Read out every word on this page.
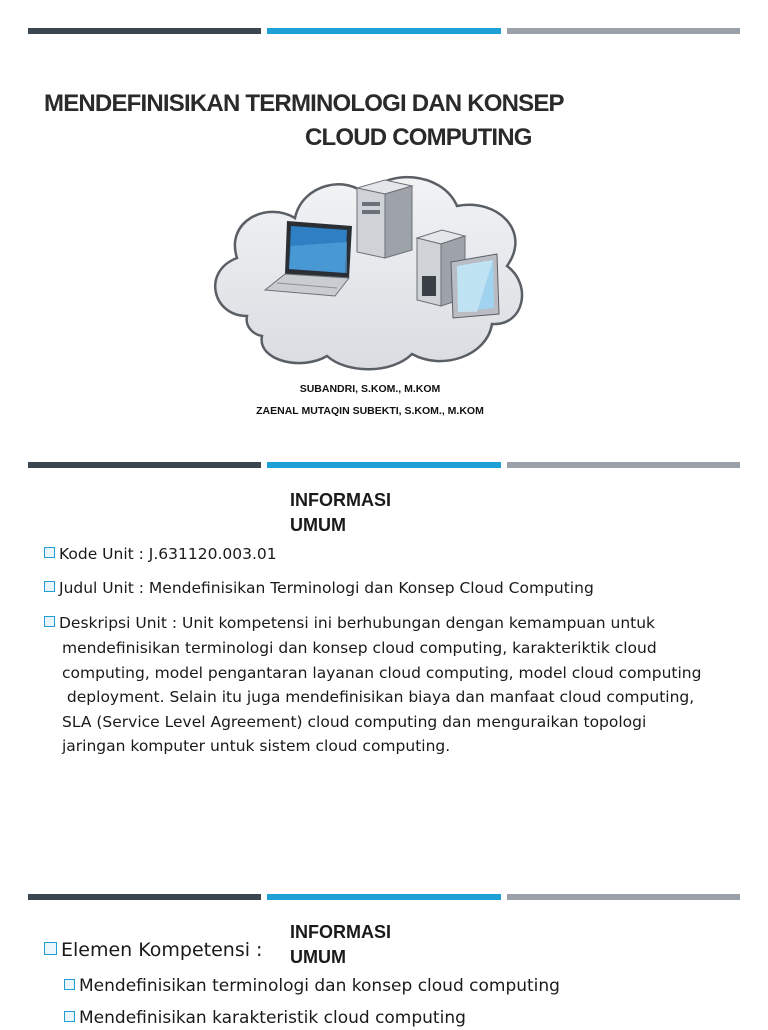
MENDEFINISIKAN TERMINOLOGI DAN KONSEP
CLOUD COMPUTING
SUBANDRI, S.KOM., M.KOM
ZAENAL MUTAQIN SUBEKTI, S.KOM., M.KOM
INFORMASI
UMUM
Kode Unit : J.631120.003.01
Judul Unit : Mendefinisikan Terminologi dan Konsep Cloud Computing
Deskripsi Unit : Unit kompetensi ini berhubungan dengan kemampuan untuk
mendefinisikan terminologi dan konsep cloud computing, karakteriktik cloud
computing, model pengantaran layanan cloud computing, model cloud computing
deployment. Selain itu juga mendefinisikan biaya dan manfaat cloud computing,
SLA (Service Level Agreement) cloud computing dan menguraikan topologi
jaringan komputer untuk sistem cloud computing.
INFORMASI
UMUM
Elemen Kompetensi :
Mendefinisikan terminologi dan konsep cloud computing
Mendefinisikan karakteristik cloud computing
